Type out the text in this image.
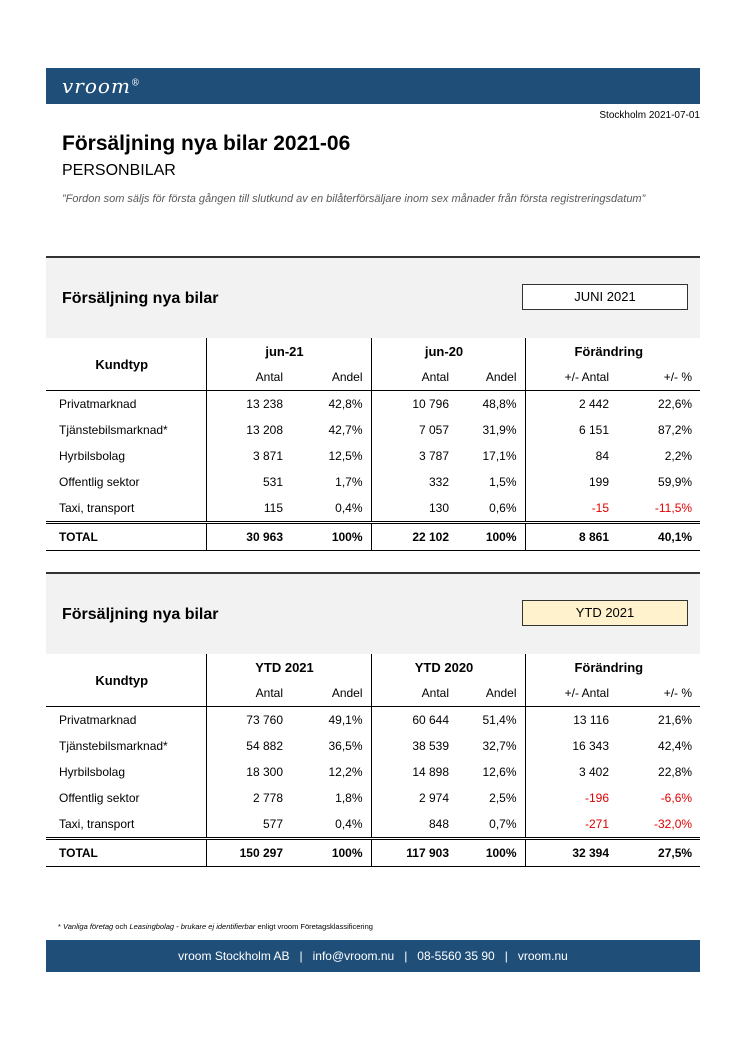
vroom®
Stockholm 2021-07-01
Försäljning nya bilar 2021-06
PERSONBILAR
”Fordon som säljs för första gången till slutkund av en bilåterförsäljare inom sex månader från första registreringsdatum”
Försäljning nya bilar	JUNI 2021
Kundtyp	jun-21		jun-20		Förändring	
	Antal	Andel	Antal	Andel	+/- Antal	+/- %
Privatmarknad	13 238	42,8%	10 796	48,8%	2 442	22,6%
Tjänstebilsmarknad*	13 208	42,7%	7 057	31,9%	6 151	87,2%
Hyrbilsbolag	3 871	12,5%	3 787	17,1%	84	2,2%
Offentlig sektor	531	1,7%	332	1,5%	199	59,9%
Taxi, transport	115	0,4%	130	0,6%	-15	-11,5%
TOTAL	30 963	100%	22 102	100%	8 861	40,1%
Försäljning nya bilar	YTD 2021
Kundtyp	YTD 2021		YTD 2020		Förändring	
	Antal	Andel	Antal	Andel	+/- Antal	+/- %
Privatmarknad	73 760	49,1%	60 644	51,4%	13 116	21,6%
Tjänstebilsmarknad*	54 882	36,5%	38 539	32,7%	16 343	42,4%
Hyrbilsbolag	18 300	12,2%	14 898	12,6%	3 402	22,8%
Offentlig sektor	2 778	1,8%	2 974	2,5%	-196	-6,6%
Taxi, transport	577	0,4%	848	0,7%	-271	-32,0%
TOTAL	150 297	100%	117 903	100%	32 394	27,5%
* Vanliga företag och Leasingbolag - brukare ej identifierbar enligt vroom Företagsklassificering
vroom Stockholm AB   |   info@vroom.nu   |   08-5560 35 90   |   vroom.nu
